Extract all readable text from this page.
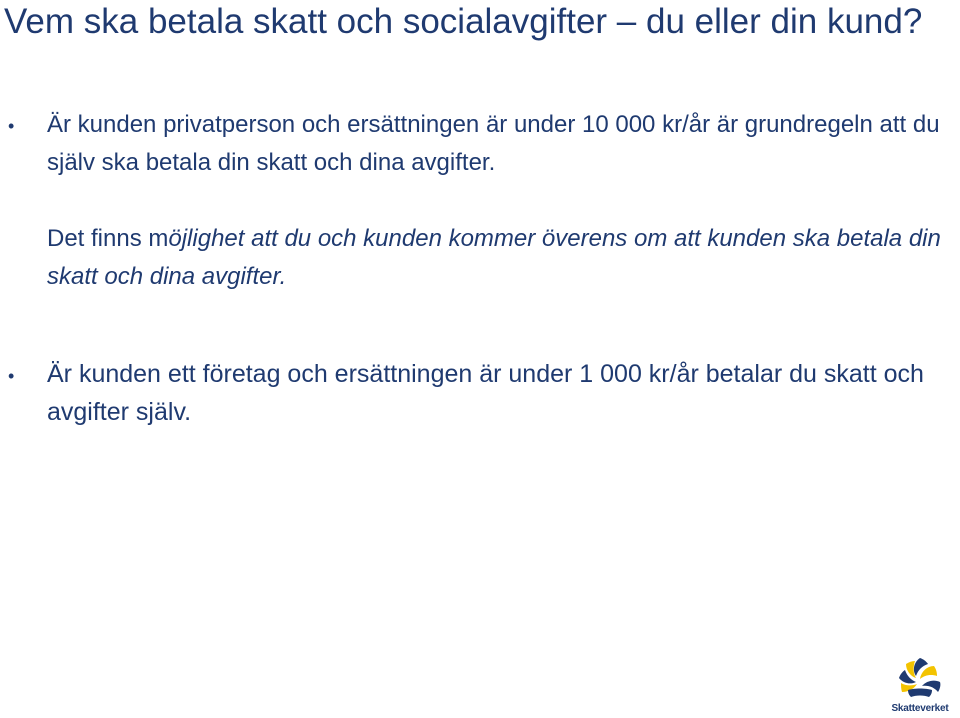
Vem ska betala skatt och socialavgifter – du eller din kund?
• Är kunden privatperson och ersättningen är under 10 000 kr/år är grundregeln att du själv ska betala din skatt och dina avgifter.

Det finns möjlighet att du och kunden kommer överens om att kunden ska betala din skatt och dina avgifter.

• Är kunden ett företag och ersättningen är under 1 000 kr/år betalar du skatt och avgifter själv.

Skatteverket
